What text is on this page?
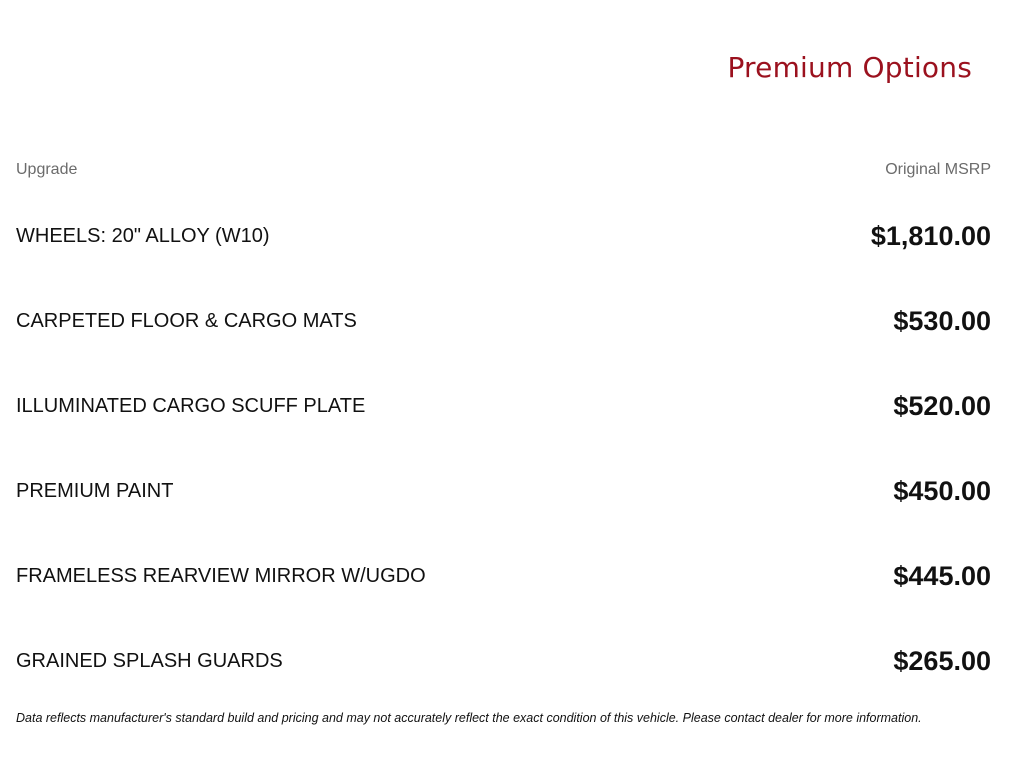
Premium Options
Upgrade	Original MSRP
WHEELS: 20" ALLOY (W10)	$1,810.00
CARPETED FLOOR & CARGO MATS	$530.00
ILLUMINATED CARGO SCUFF PLATE	$520.00
PREMIUM PAINT	$450.00
FRAMELESS REARVIEW MIRROR W/UGDO	$445.00
GRAINED SPLASH GUARDS	$265.00
Data reflects manufacturer's standard build and pricing and may not accurately reflect the exact condition of this vehicle. Please contact dealer for more information.
